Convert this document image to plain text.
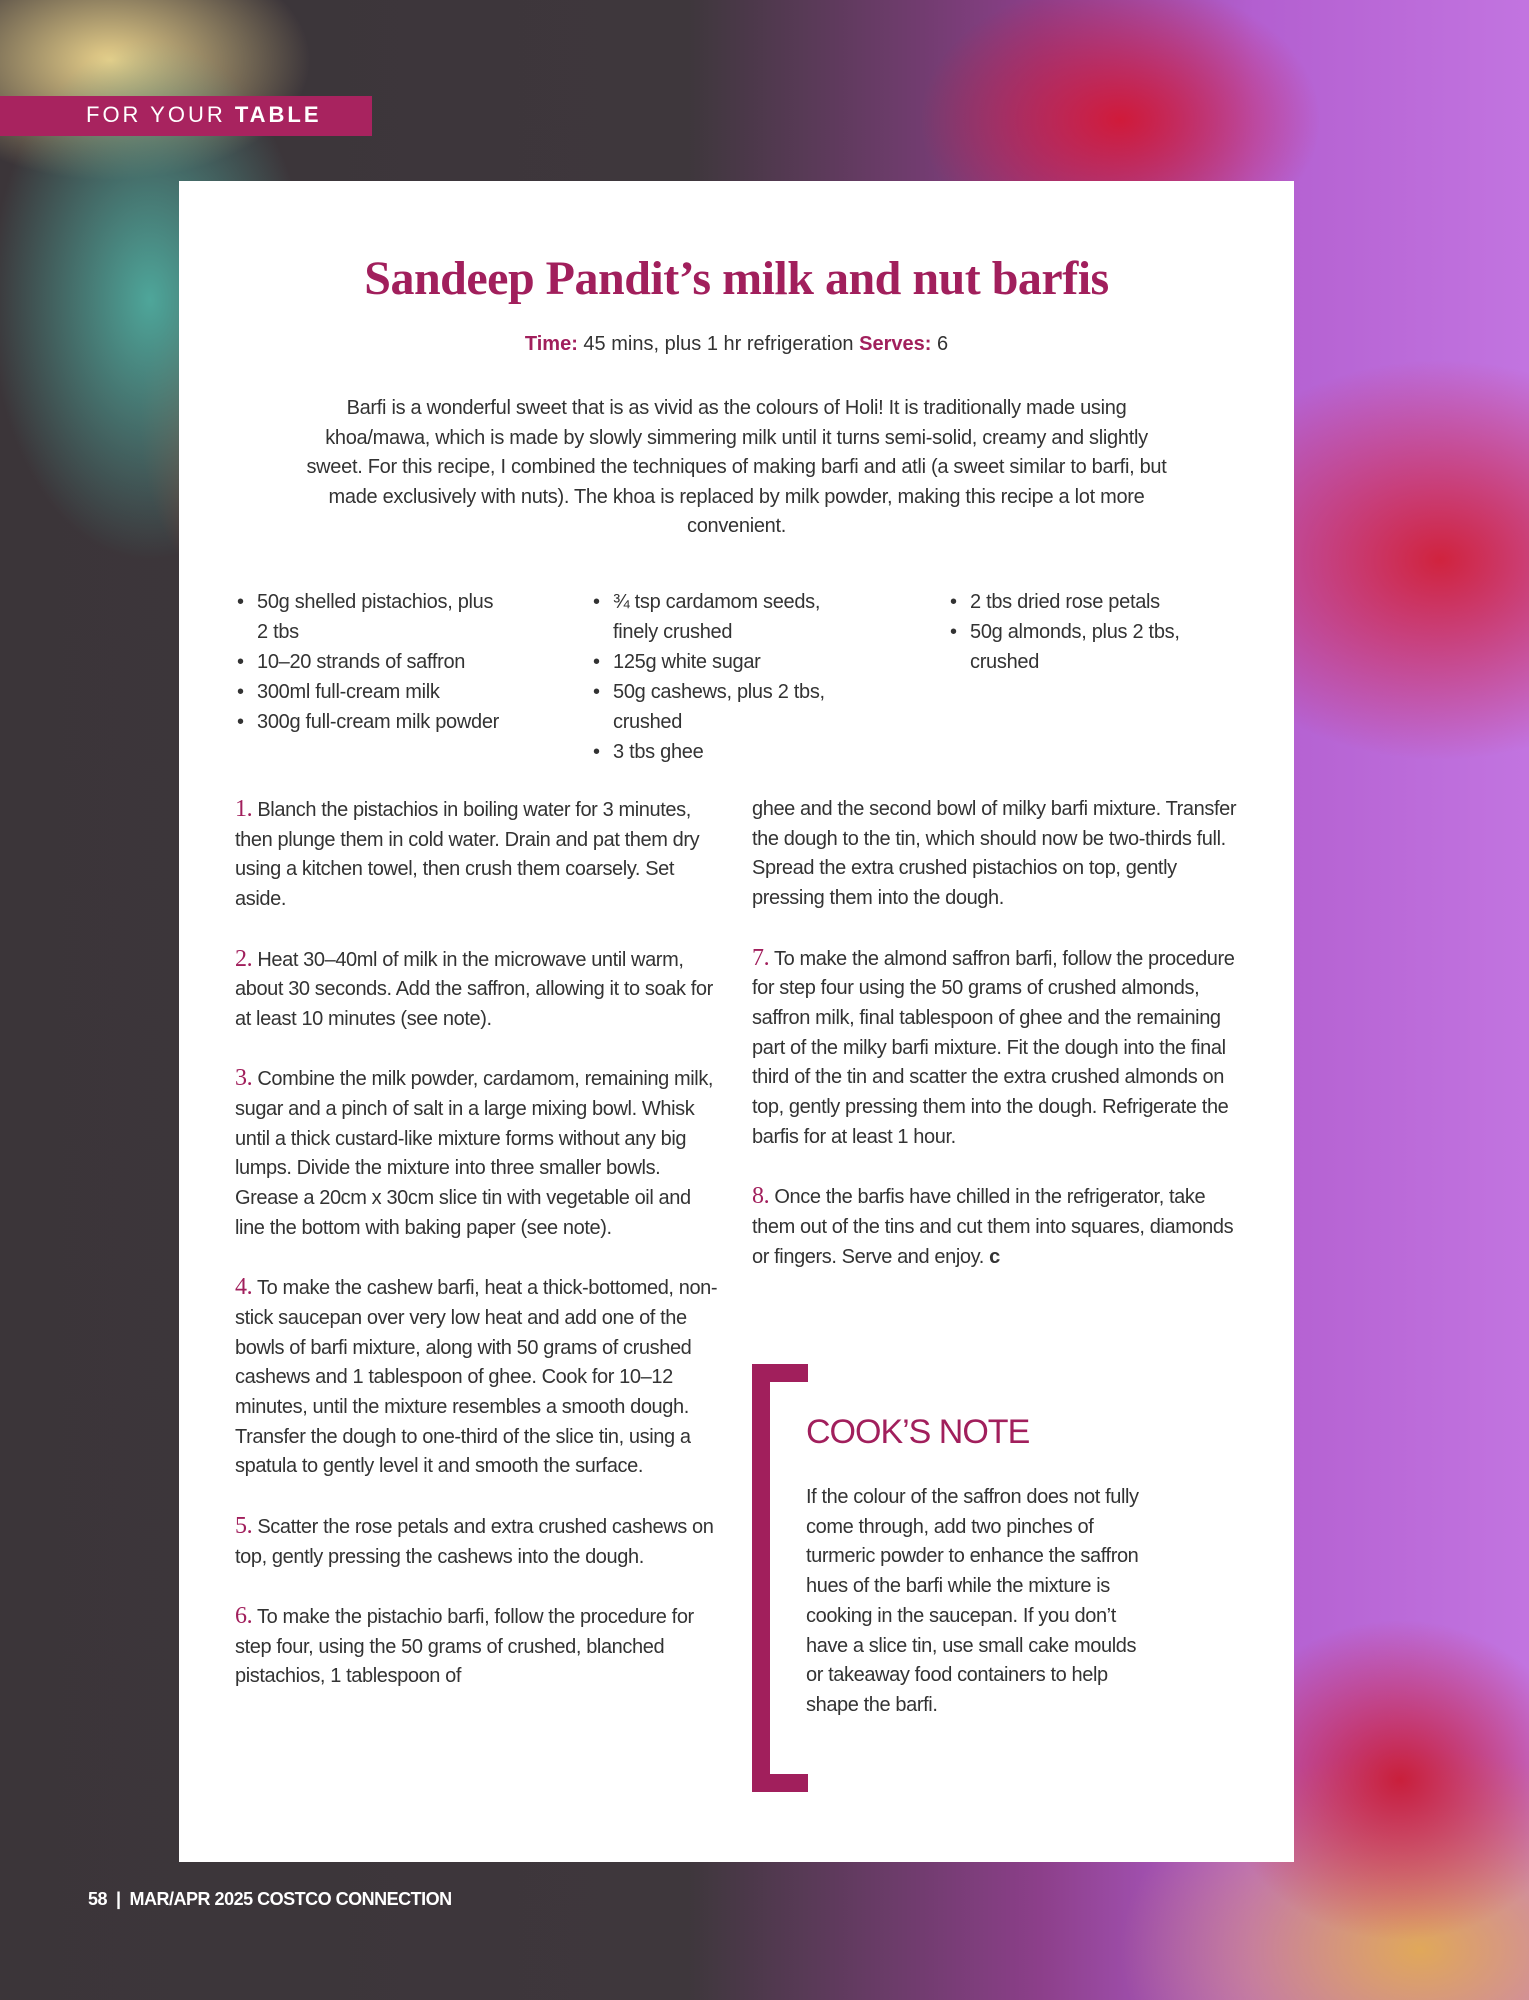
FOR YOUR TABLE
Sandeep Pandit’s milk and nut barfis
Time: 45 mins, plus 1 hr refrigeration Serves: 6

Barfi is a wonderful sweet that is as vivid as the colours of Holi! It is traditionally made using khoa/mawa, which is made by slowly simmering milk until it turns semi-solid, creamy and slightly sweet. For this recipe, I combined the techniques of making barfi and atli (a sweet similar to barfi, but made exclusively with nuts). The khoa is replaced by milk powder, making this recipe a lot more convenient.

• 50g shelled pistachios, plus 2 tbs
• 10–20 strands of saffron
• 300ml full-cream milk
• 300g full-cream milk powder
• ¾ tsp cardamom seeds, finely crushed
• 125g white sugar
• 50g cashews, plus 2 tbs, crushed
• 3 tbs ghee
• 2 tbs dried rose petals
• 50g almonds, plus 2 tbs, crushed

1. Blanch the pistachios in boiling water for 3 minutes, then plunge them in cold water. Drain and pat them dry using a kitchen towel, then crush them coarsely. Set aside.

2. Heat 30–40ml of milk in the microwave until warm, about 30 seconds. Add the saffron, allowing it to soak for at least 10 minutes (see note).

3. Combine the milk powder, cardamom, remaining milk, sugar and a pinch of salt in a large mixing bowl. Whisk until a thick custard-like mixture forms without any big lumps. Divide the mixture into three smaller bowls. Grease a 20cm x 30cm slice tin with vegetable oil and line the bottom with baking paper (see note).

4. To make the cashew barfi, heat a thick-bottomed, non-stick saucepan over very low heat and add one of the bowls of barfi mixture, along with 50 grams of crushed cashews and 1 tablespoon of ghee. Cook for 10–12 minutes, until the mixture resembles a smooth dough. Transfer the dough to one-third of the slice tin, using a spatula to gently level it and smooth the surface.

5. Scatter the rose petals and extra crushed cashews on top, gently pressing the cashews into the dough.

6. To make the pistachio barfi, follow the procedure for step four, using the 50 grams of crushed, blanched pistachios, 1 tablespoon of

ghee and the second bowl of milky barfi mixture. Transfer the dough to the tin, which should now be two-thirds full. Spread the extra crushed pistachios on top, gently pressing them into the dough.

7. To make the almond saffron barfi, follow the procedure for step four using the 50 grams of crushed almonds, saffron milk, final tablespoon of ghee and the remaining part of the milky barfi mixture. Fit the dough into the final third of the tin and scatter the extra crushed almonds on top, gently pressing them into the dough. Refrigerate the barfis for at least 1 hour.

8. Once the barfis have chilled in the refrigerator, take them out of the tins and cut them into squares, diamonds or fingers. Serve and enjoy. c

COOK’S NOTE

If the colour of the saffron does not fully come through, add two pinches of turmeric powder to enhance the saffron hues of the barfi while the mixture is cooking in the saucepan. If you don’t have a slice tin, use small cake moulds or takeaway food containers to help shape the barfi.

58  |  MAR/APR 2025 COSTCO CONNECTION
